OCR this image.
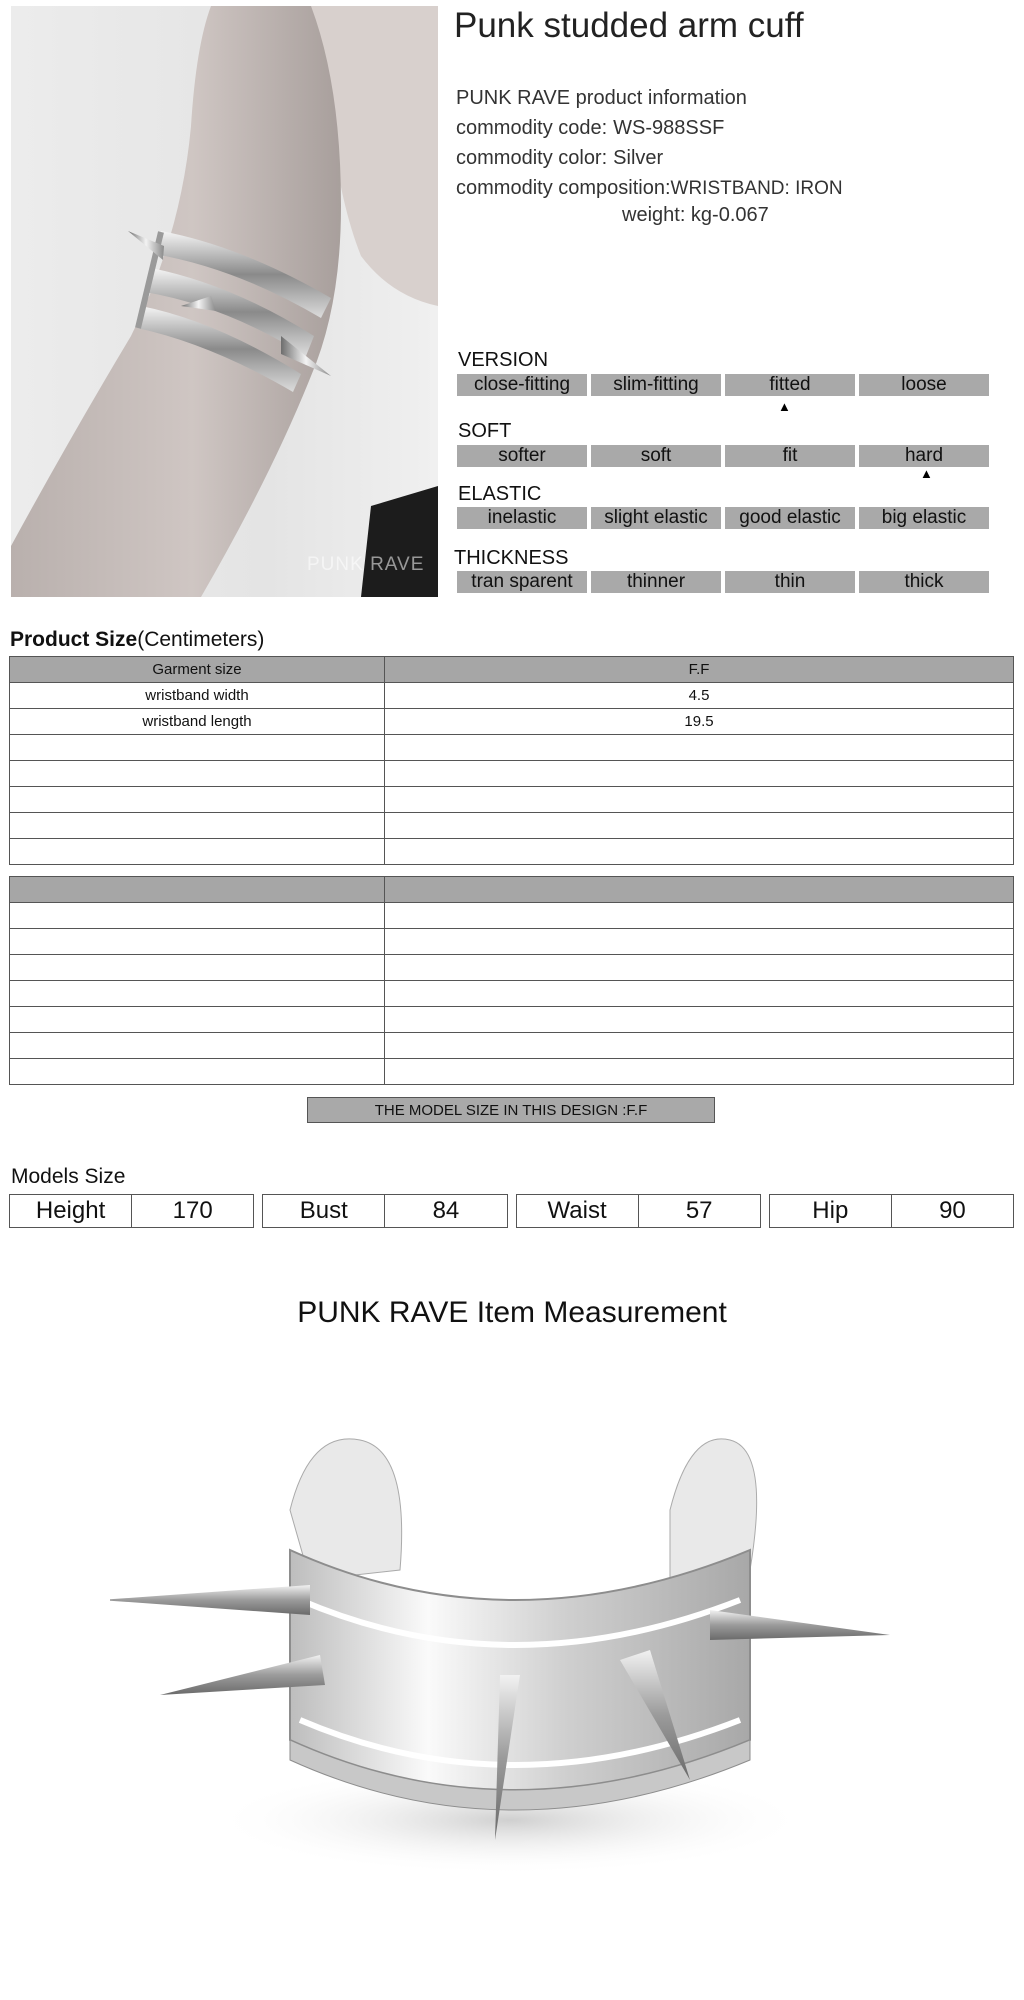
PUNK RAVE
Punk studded arm cuff
PUNK RAVE product information
commodity code: WS-988SSF
commodity color: Silver
commodity composition:WRISTBAND: IRON
weight: kg-0.067
VERSION
close-fitting	slim-fitting	fitted	loose
▲
SOFT
softer	soft	fit	hard
▲
ELASTIC
inelastic	slight elastic	good elastic	big elastic
THICKNESS
tran sparent	thinner	thin	thick
Product Size(Centimeters)
Garment size	F.F
wristband width	4.5
wristband length	19.5

THE MODEL SIZE IN THIS DESIGN :F.F
Models Size
Height	170	Bust	84	Waist	57	Hip	90
PUNK RAVE Item Measurement
